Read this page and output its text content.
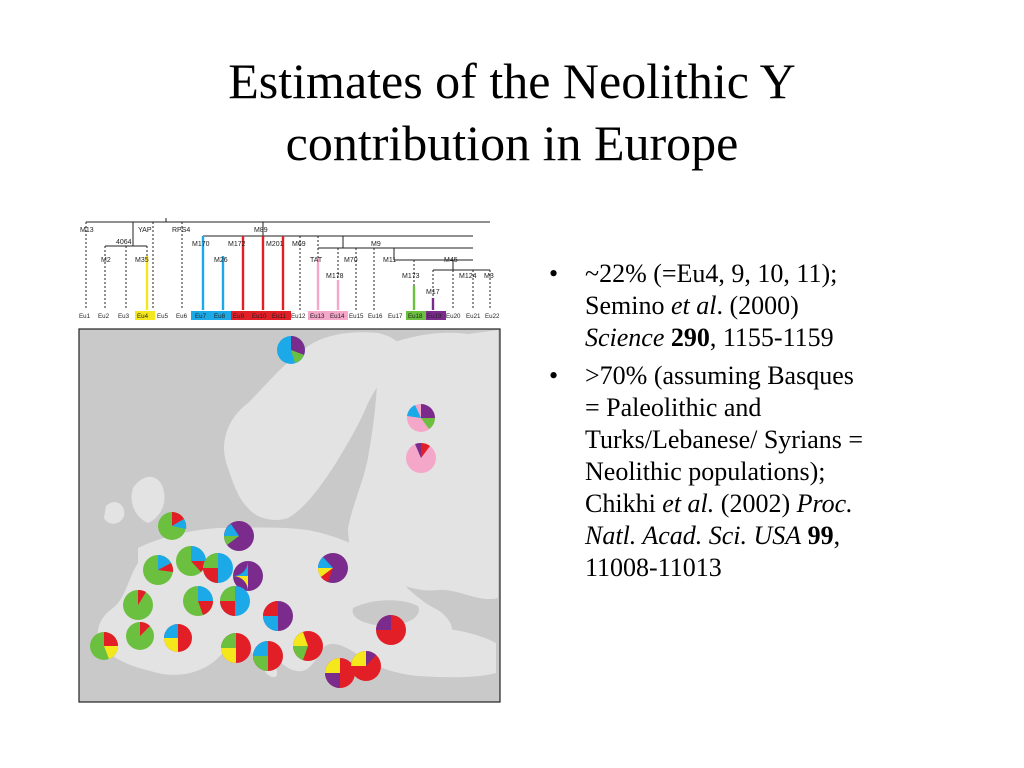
Estimates of the Neolithic Y
contribution in Europe
M13	YAP	RPS4	M89
4064
M2	M35
M170
M26
M172	M201 M69	M9
TAT	M70	M11	M45
M178	M173	M124 M3
M17
Eu1 Eu2 Eu3 Eu4 Eu5 Eu6 Eu7 Eu8 Eu9 Eu10 Eu11 Eu12 Eu13 Eu14 Eu15 Eu16 Eu17 Eu18 Eu19 Eu20 Eu21 Eu22
• ~22% (=Eu4, 9, 10, 11);
Semino et al. (2000)
Science 290, 1155-1159
• >70% (assuming Basques
= Paleolithic and
Turks/Lebanese/ Syrians =
Neolithic populations);
Chikhi et al. (2002) Proc.
Natl. Acad. Sci. USA 99,
11008-11013
